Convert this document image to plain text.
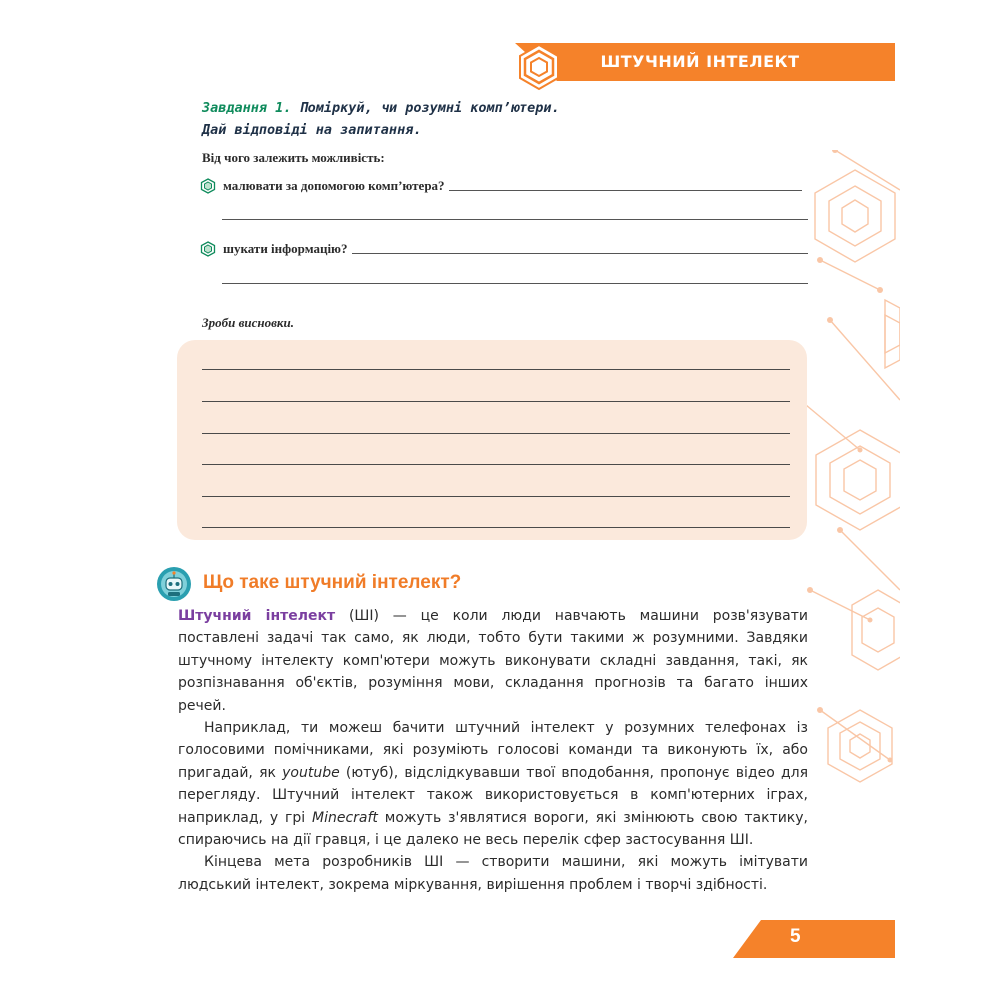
ШТУЧНИЙ ІНТЕЛЕКТ
Завдання 1. Поміркуй, чи розумні комп’ютери.
Дай відповіді на запитання.
Від чого залежить можливість:
малювати за допомогою комп’ютера?
шукати інформацію?
Зроби висновки.
Що таке штучний інтелект?

Штучний інтелект (ШІ) — це коли люди навчають машини розв'язувати поставлені задачі так само, як люди, тобто бути такими ж розумними. Завдяки штучному інтелекту комп'ютери можуть виконувати складні завдання, такі, як розпізнавання об'єктів, розуміння мови, складання прогнозів та багато інших речей.

Наприклад, ти можеш бачити штучний інтелект у розумних телефонах із голосовими помічниками, які розуміють голосові команди та виконують їх, або пригадай, як youtube (ютуб), відслідкувавши твої вподобання, пропонує відео для перегляду. Штучний інтелект також використовується в комп'ютерних іграх, наприклад, у грі Minecraft можуть з'являтися вороги, які змінюють свою тактику, спираючись на дії гравця, і це далеко не весь перелік сфер застосування ШІ.

Кінцева мета розробників ШІ — створити машини, які можуть імітувати людський інтелект, зокрема міркування, вирішення проблем і творчі здібності.

5
